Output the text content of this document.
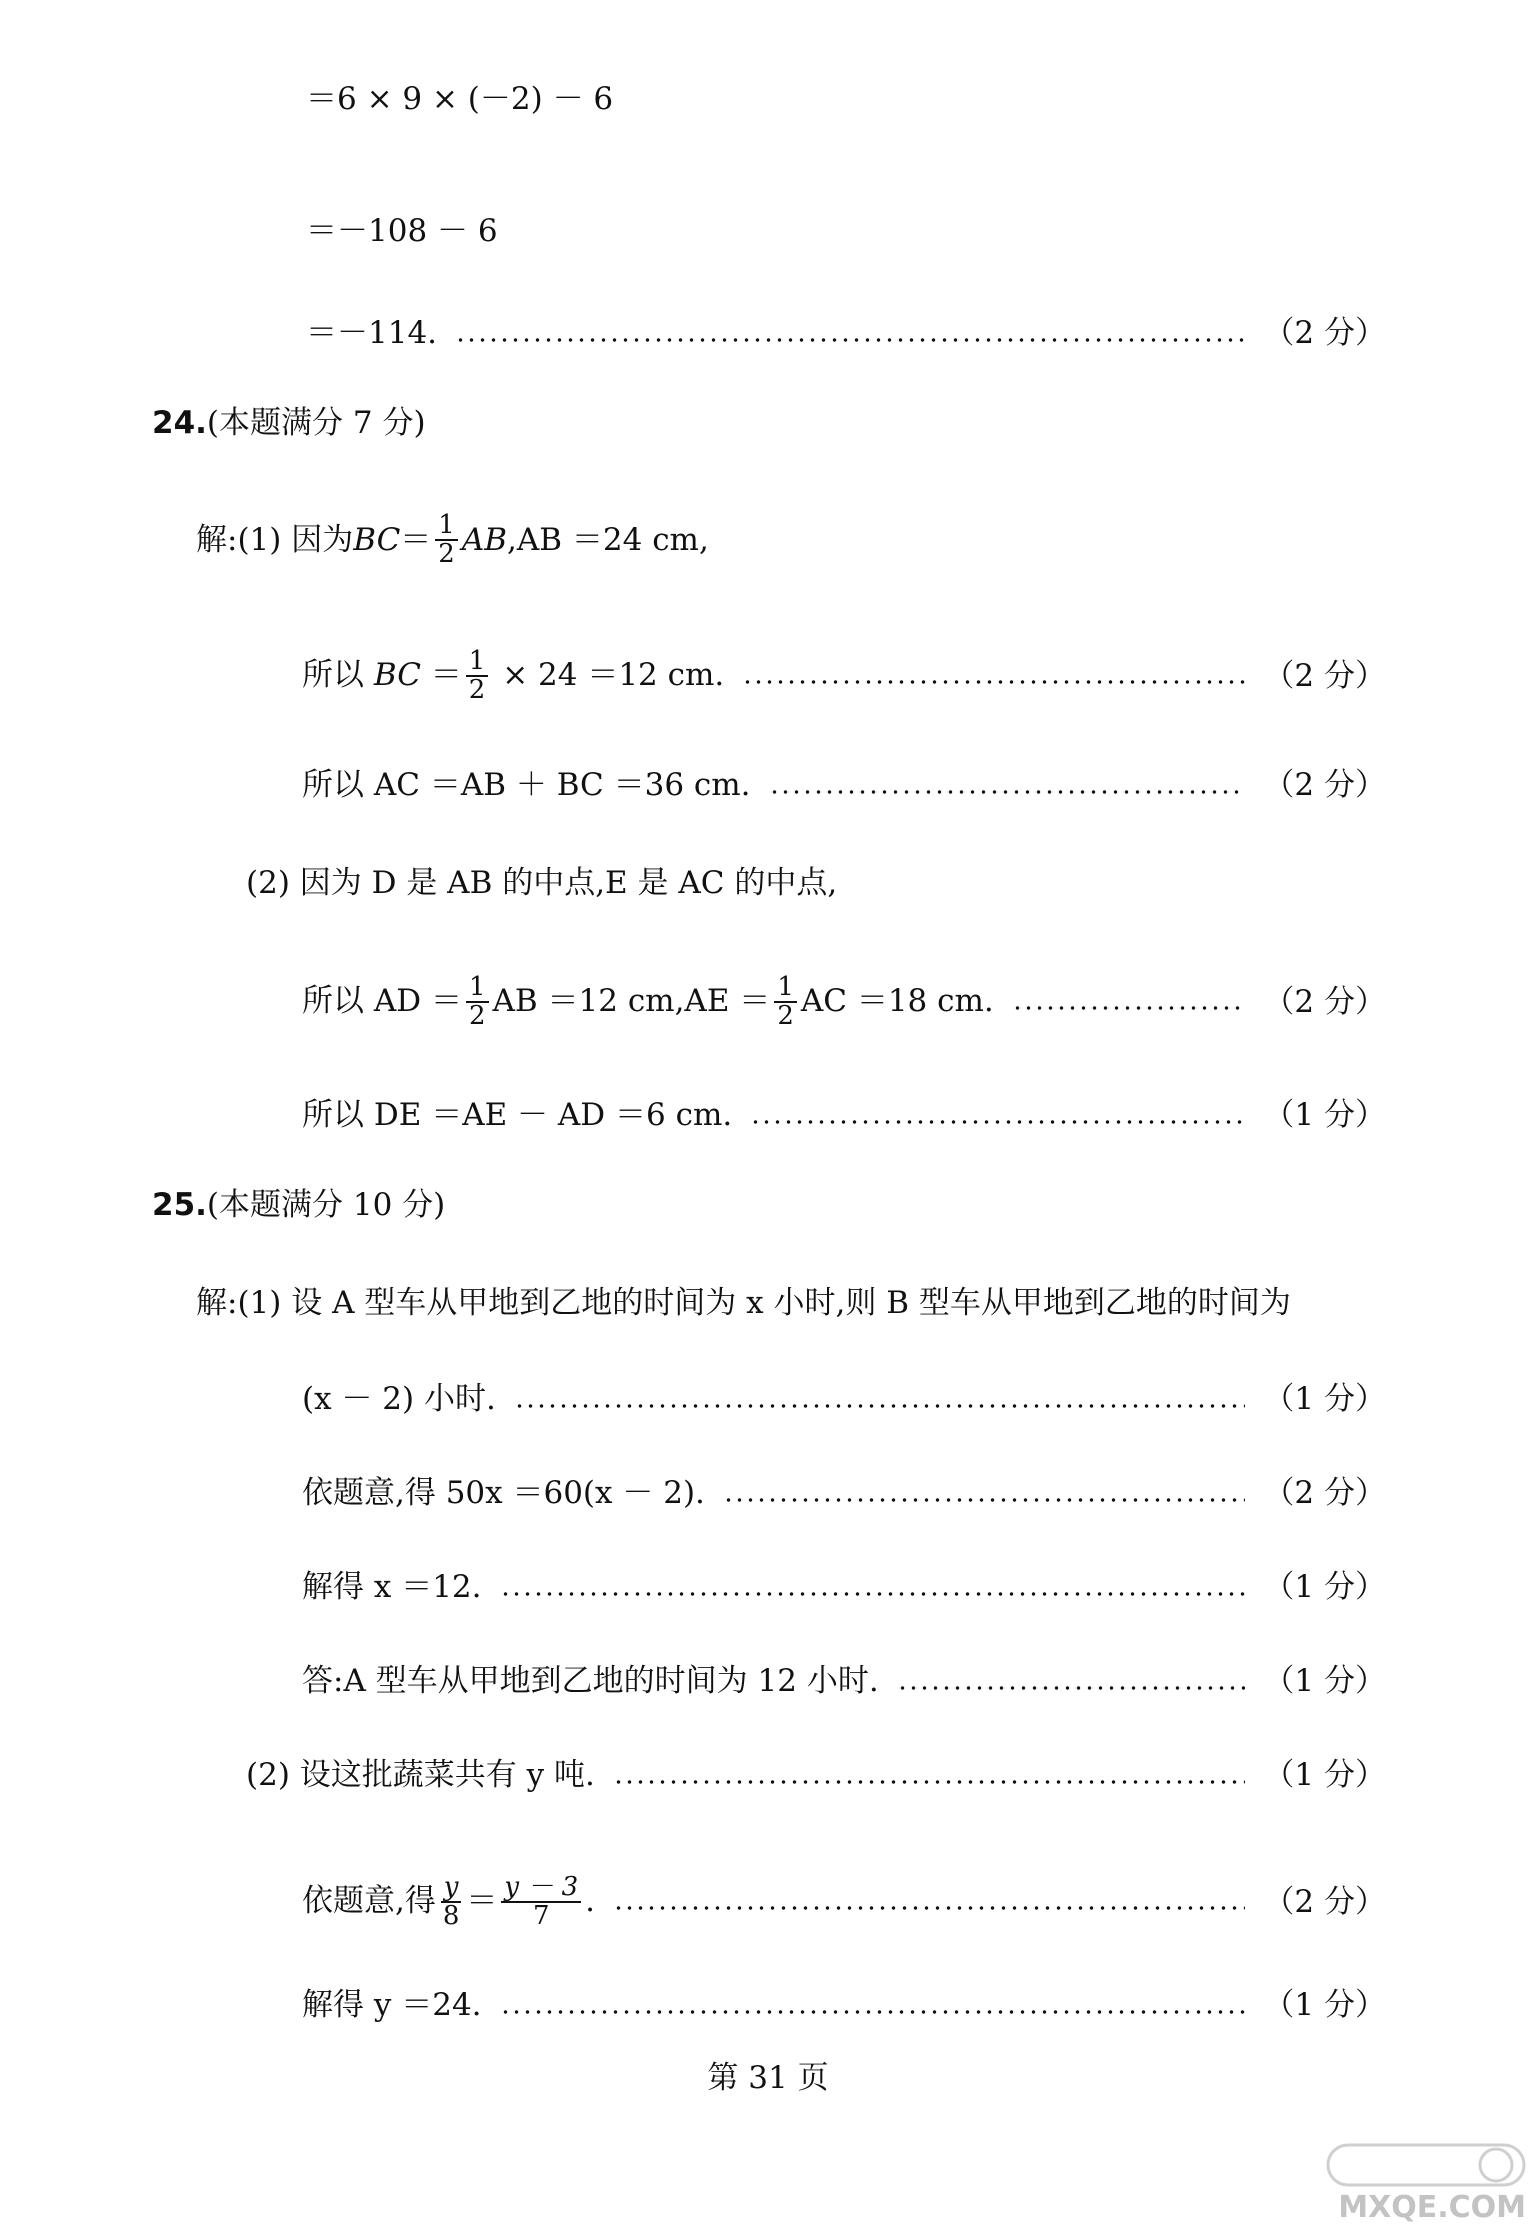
＝6 × 9 × (－2) － 6
＝－108 － 6
＝－114.	（2 分）
24. (本题满分 7 分)
解:(1) 因为 BC ＝ $\frac{1}{2}$ AB ,AB ＝24 cm,
所以 BC ＝ $\frac{1}{2} \times 24 =12$ cm.	（2 分）
所以 AC ＝AB ＋ BC ＝36 cm.	（2 分）
(2) 因为 D 是 AB 的中点,E 是 AC 的中点,
所以 AD ＝ $\frac{1}{2}$ AB ＝12 $cm,AE = \frac{1}{2}$ AC ＝18 cm.	（2 分）
所以 DE ＝AE － AD ＝6 cm.	（1 分）
25. (本题满分 10 分)
解:(1) 设 A 型车从甲地到乙地的时间为 x 小时,则 B 型车从甲地到乙地的时间为
(x － 2) 小时.	（1 分）
依题意,得 50x ＝60(x － 2).	（2 分）
解得 x ＝12.	（1 分）
答:A 型车从甲地到乙地的时间为 12 小时.	（1 分）
(2) 设这批蔬菜共有 y 吨.	（1 分）
依题意,得 $\frac{y}{8} = \frac{y - 3}{7}$ .	（2 分）
解得 y ＝24.	（1 分）
第 31 页
MXQE.COM
